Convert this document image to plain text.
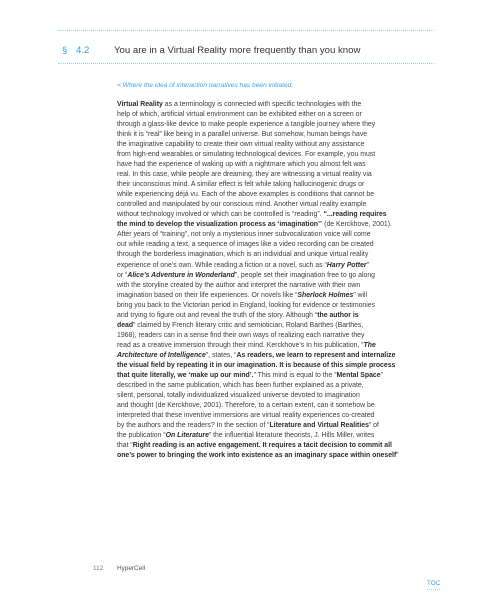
§ 4.2	You are in a Virtual Reality more frequently than you know
< Where the idea of interaction narratives has been initiated.
Virtual Reality as a terminology is connected with specific technologies with the
help of which, artificial virtual environment can be exhibited either on a screen or
through a glass-like device to make people experience a tangible journey where they
think it is “real” like being in a parallel universe. But somehow, human beings have
the imaginative capability to create their own virtual reality without any assistance
from high-end wearables or simulating technological devices. For example, you must
have had the experience of waking up with a nightmare which you almost felt was
real. In this case, while people are dreaming, they are witnessing a virtual reality via
their unconscious mind. A similar effect is felt while taking hallucinogenic drugs or
while experiencing déjà vu. Each of the above examples is conditions that cannot be
controlled and manipulated by our conscious mind. Another virtual reality example
without technology involved or which can be controlled is “reading”. “...reading requires
the mind to develop the visualization process as ‘imagination’” (de Kerckhove, 2001).
After years of “training”, not only a mysterious inner subvocalization voice will come
out while reading a text, a sequence of images like a video recording can be created
through the borderless imagination, which is an individual and unique virtual reality
experience of one’s own. While reading a fiction or a novel, such as “Harry Potter”
or “Alice’s Adventure in Wonderland”, people set their imagination free to go along
with the storyline created by the author and interpret the narrative with their own
imagination based on their life experiences. Or novels like “Sherlock Holmes” will
bring you back to the Victorian period in England, looking for evidence or testimonies
and trying to figure out and reveal the truth of the story. Although “the author is
dead” claimed by French literary critic and semiotician, Roland Barthes (Barthes,
1968), readers can in a sense find their own ways of realizing each narrative they
read as a creative immersion through their mind. Kerckhove’s In his publication, “The
Architecture of Intelligence”, states, “As readers, we learn to represent and internalize
the visual field by repeating it in our imagination. It is because of this simple process
that quite literally, we ‘make up our mind’.” This mind is equal to the “Mental Space”
described in the same publication, which has been further explained as a private,
silent, personal, totally individualized visualized universe devoted to imagination
and thought (de Kerckhove, 2001). Therefore, to a certain extent, can it somehow be
interpreted that these inventive immersions are virtual reality experiences co-created
by the authors and the readers? In the section of “Literature and Virtual Realities” of
the publication “On Literature” the influential literature theorists, J. Hills Miller, writes
that “Right reading is an active engagement. It requires a tacit decision to commit all
one’s power to bringing the work into existence as an imaginary space within oneself”
112 HyperCell
TOC
